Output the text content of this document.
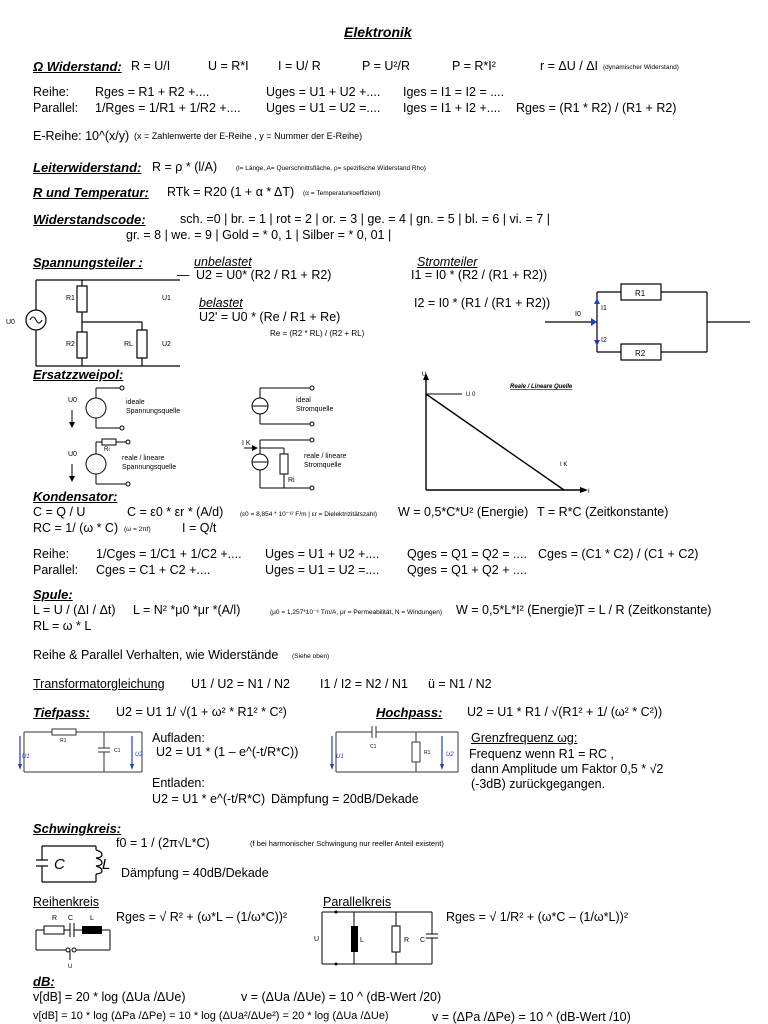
Elektronik
Ω Widerstand: R = U/I	U = R*I I = U/ R	P = U²/R	P = R*I²	r = ΔU / ΔI (dynamischer Widerstand)
Reihe: Rges = R1 + R2 +....	Uges = U1 + U2 +.... Iges = I1 = I2 = ....
Parallel: 1/Rges = 1/R1 + 1/R2 +.... Uges = U1 = U2 =.... Iges = I1 + I2 +.... Rges = (R1 * R2) / (R1 + R2)
E-Reihe: 10^(x/y) (x = Zahlenwerte der E-Reihe , y = Nummer der E-Reihe)
Leiterwiderstand: R = ρ * (l/A)	(l= Länge, A= Querschnittsfläche, ρ= spezifische Widerstand Rho)
R und Temperatur: RTk = R20 (1 + α * ΔT) (α = Temperaturkoeffizient)
Widerstandscode:	sch. =0 | br. = 1 | rot = 2 | or. = 3 | ge. = 4 | gn. = 5 | bl. = 6 | vi. = 7 |
gr. = 8 | we. = 9 | Gold = * 0, 1 | Silber = * 0, 01 |
Spannungsteiler :	unbelastet
U2 = U0* (R2 / R1 + R2)
belastet
U2' = U0 * (Re / R1 + Re)
Re = (R2 * RL) / (R2 + RL)
—
R1
R2	RL
U1
U2
U0
Stromteiler
I1 = I0 * (R2 / (R1 + R2))
I2 = I0 * (R1 / (R1 + R2))
R1
R2
I0
I1
I2
Ersatzzweipol:
U0	ideale
Spannungsquelle
U0
Ri
reale / lineare
Spannungsquelle
ideal
Stromquelle
I K
Ri
reale / lineare
Stromquelle
U
U 0
Reale / Lineare Quelle
I K
I
Kondensator:
C = Q / U	C = ε0 * εr * (A/d)	(ε0 = 8,854 * 10⁻¹² F/m | εr = Dielektrizitätszahl) W = 0,5*C*U² (Energie) T = R*C (Zeitkonstante)
RC = 1/ (ω * C) (ω = 2πf)	I = Q/t
Reihe: 1/Cges = 1/C1 + 1/C2 +.... Uges = U1 + U2 +.... Qges = Q1 = Q2 = .... Cges = (C1 * C2) / (C1 + C2)
Parallel: Cges = C1 + C2 +....	Uges = U1 = U2 =.... Qges = Q1 + Q2 + ....
Spule:
L = U / (ΔI / Δt) L = N² *μ0 *μr *(A/l)	(μ0 = 1,257*10⁻⁶ Tm/A, μr = Permeabilität, N = Windungen) W = 0,5*L*I² (Energie)
T = L / R (Zeitkonstante)
RL = ω * L
Reihe & Parallel Verhalten, wie Widerstände (Siehe oben)
Transformatorgleichung U1 / U2 = N1 / N2 I1 / I2 = N2 / N1 ü = N1 / N2
Tiefpass: U2 = U1 1/ √(1 + ω² * R1² * C²)
R1
C1
U1	U2
Aufladen:
U2 = U1 * (1 – e^(-t/R*C))
Entladen:
U2 = U1 * e^(-t/R*C) Dämpfung = 20dB/Dekade
Hochpass: U2 = U1 * R1 / √(R1² + 1/ (ω² * C²))
C1
R1
U1	U2
Grenzfrequenz ωg:
Frequenz wenn R1 = RC ,
dann Amplitude um Faktor 0,5 * √2
(-3dB) zurückgegangen.
Schwingkreis:
f0 = 1 / (2π√L*C)	(f bei harmonischer Schwingung nur reeller Anteil existent)
C L Dämpfung = 40dB/Dekade
Reihenkreis
R C L
U
Rges = √ R² + (ω*L – (1/ω*C))²
Parallelkreis
U	L	R C
Rges = √ 1/R² + (ω*C – (1/ω*L))²
dB:
v[dB] = 20 * log (ΔUa /ΔUe)	v = (ΔUa /ΔUe) = 10 ^ (dB-Wert /20)
v[dB] = 10 * log (ΔPa /ΔPe) = 10 * log (ΔUa²/ΔUe²) = 20 * log (ΔUa /ΔUe)	v = (ΔPa /ΔPe) = 10 ^ (dB-Wert /10)
